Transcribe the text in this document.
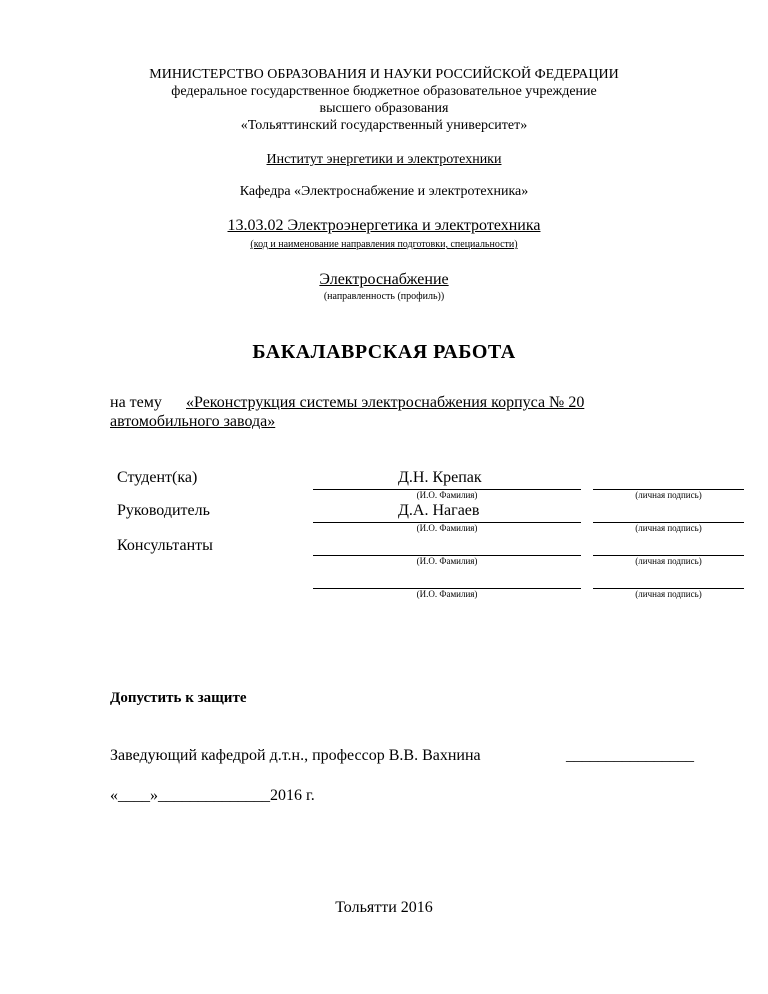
МИНИСТЕРСТВО ОБРАЗОВАНИЯ И НАУКИ РОССИЙСКОЙ ФЕДЕРАЦИИ
федеральное государственное бюджетное образовательное учреждение
высшего образования
«Тольяттинский государственный университет»
Институт энергетики и электротехники
Кафедра «Электроснабжение и электротехника»
13.03.02 Электроэнергетика и электротехника
(код и наименование направления подготовки, специальности)
Электроснабжение
(направленность (профиль))
БАКАЛАВРСКАЯ РАБОТА
на тему «Реконструкция системы электроснабжения корпуса № 20
автомобильного завода»
Студент(ка)	Д.Н. Крепак
(И.О. Фамилия)	(личная подпись)
Руководитель	Д.А. Нагаев
(И.О. Фамилия)	(личная подпись)
Консультанты
(И.О. Фамилия)	(личная подпись)
(И.О. Фамилия)	(личная подпись)
Допустить к защите
Заведующий кафедрой д.т.н., профессор В.В. Вахнина	________________
«____»______________2016 г.
Тольятти 2016
